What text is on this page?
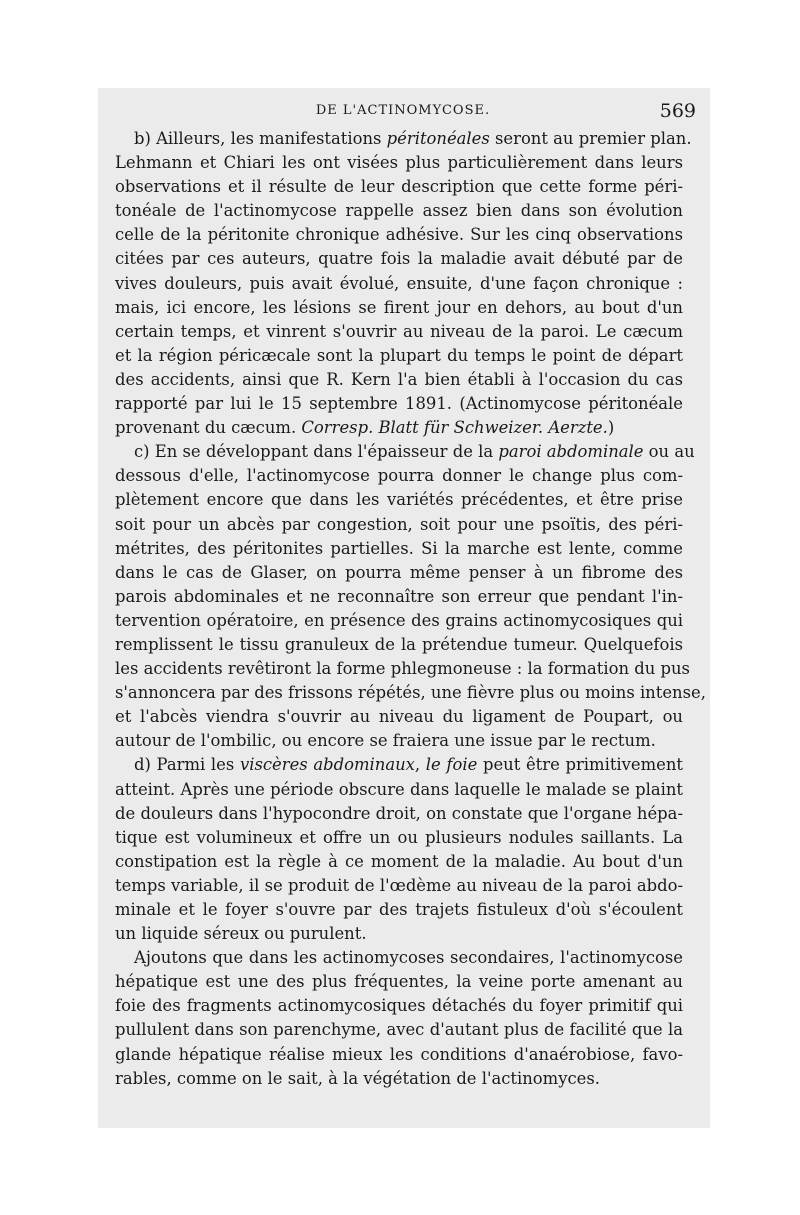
DE L'ACTINOMYCOSE.	569
b) Ailleurs, les manifestations péritonéales seront au premier plan.
Lehmann et Chiari les ont visées plus particulièrement dans leurs
observations et il résulte de leur description que cette forme péri-
tonéale de l'actinomycose rappelle assez bien dans son évolution
celle de la péritonite chronique adhésive. Sur les cinq observations
citées par ces auteurs, quatre fois la maladie avait débuté par de
vives douleurs, puis avait évolué, ensuite, d'une façon chronique :
mais, ici encore, les lésions se firent jour en dehors, au bout d'un
certain temps, et vinrent s'ouvrir au niveau de la paroi. Le cæcum
et la région péricæcale sont la plupart du temps le point de départ
des accidents, ainsi que R. Kern l'a bien établi à l'occasion du cas
rapporté par lui le 15 septembre 1891. (Actinomycose péritonéale
provenant du cæcum. Corresp. Blatt für Schweizer. Aerzte.)
c) En se développant dans l'épaisseur de la paroi abdominale ou au
dessous d'elle, l'actinomycose pourra donner le change plus com-
plètement encore que dans les variétés précédentes, et être prise
soit pour un abcès par congestion, soit pour une psoïtis, des péri-
métrites, des péritonites partielles. Si la marche est lente, comme
dans le cas de Glaser, on pourra même penser à un fibrome des
parois abdominales et ne reconnaître son erreur que pendant l'in-
tervention opératoire, en présence des grains actinomycosiques qui
remplissent le tissu granuleux de la prétendue tumeur. Quelquefois
les accidents revêtiront la forme phlegmoneuse : la formation du pus
s'annoncera par des frissons répétés, une fièvre plus ou moins intense,
et l'abcès viendra s'ouvrir au niveau du ligament de Poupart, ou
autour de l'ombilic, ou encore se fraiera une issue par le rectum.
d) Parmi les viscères abdominaux, le foie peut être primitivement
atteint. Après une période obscure dans laquelle le malade se plaint
de douleurs dans l'hypocondre droit, on constate que l'organe hépa-
tique est volumineux et offre un ou plusieurs nodules saillants. La
constipation est la règle à ce moment de la maladie. Au bout d'un
temps variable, il se produit de l'œdème au niveau de la paroi abdo-
minale et le foyer s'ouvre par des trajets fistuleux d'où s'écoulent
un liquide séreux ou purulent.
Ajoutons que dans les actinomycoses secondaires, l'actinomycose
hépatique est une des plus fréquentes, la veine porte amenant au
foie des fragments actinomycosiques détachés du foyer primitif qui
pullulent dans son parenchyme, avec d'autant plus de facilité que la
glande hépatique réalise mieux les conditions d'anaérobiose, favo-
rables, comme on le sait, à la végétation de l'actinomyces.
